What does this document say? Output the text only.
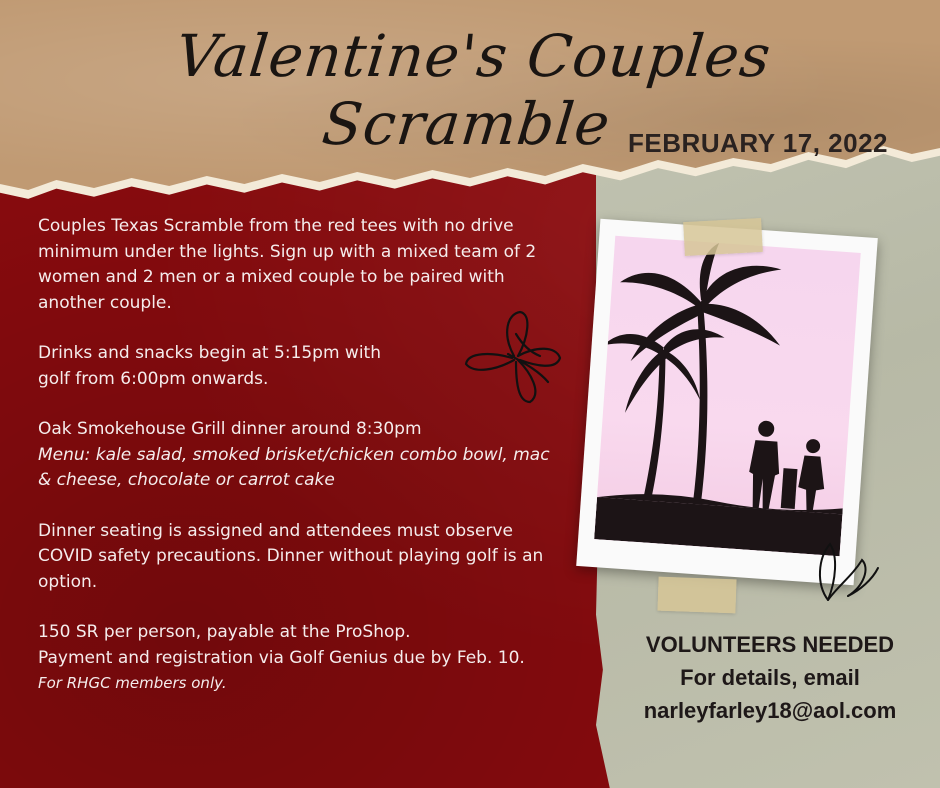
Valentine's Couples Scramble FEBRUARY 17, 2022

Couples Texas Scramble from the red tees with no drive minimum under the lights. Sign up with a mixed team of 2 women and 2 men or a mixed couple to be paired with another couple.

Drinks and snacks begin at 5:15pm with
golf from 6:00pm onwards.

Oak Smokehouse Grill dinner around 8:30pm
Menu: kale salad, smoked brisket/chicken combo bowl, mac & cheese, chocolate or carrot cake

Dinner seating is assigned and attendees must observe COVID safety precautions. Dinner without playing golf is an option.

150 SR per person, payable at the ProShop.
Payment and registration via Golf Genius due by Feb. 10.
For RHGC members only.

VOLUNTEERS NEEDED
For details, email
narleyfarley18@aol.com
